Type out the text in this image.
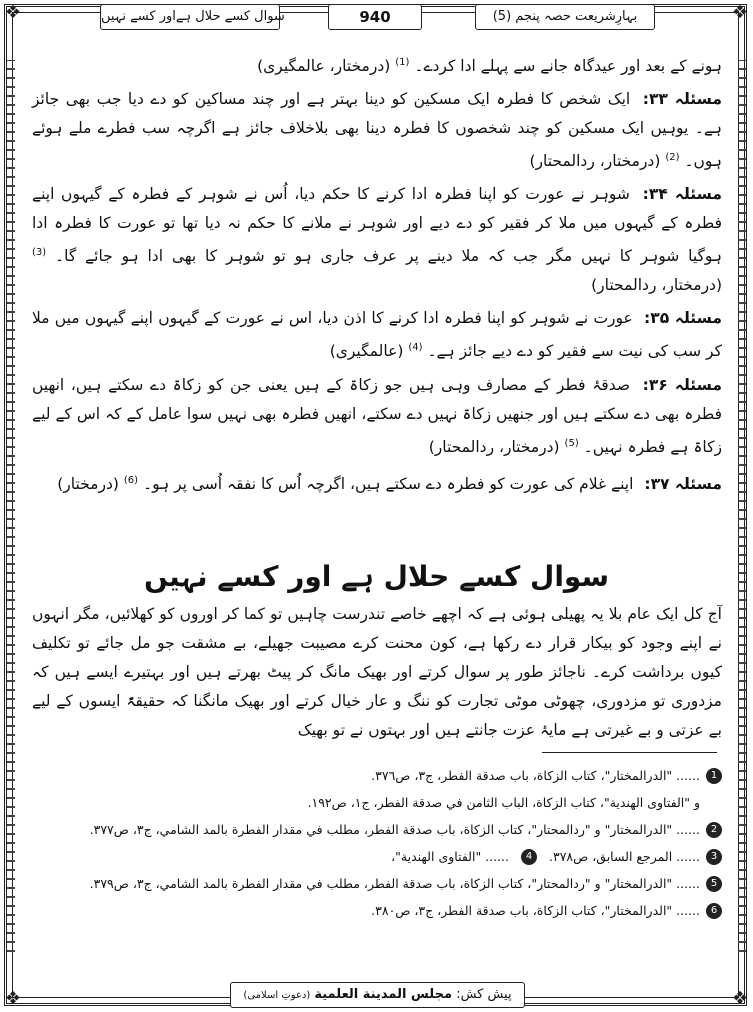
❖	❖
❖	❖
سوال کسے حلال ہےاور کسے نہیں	940	بہارِشریعت حصہ پنجم (5)

ہونے کے بعد اور عیدگاہ جانے سے پہلے ادا کردے۔ $^{(1)}$ (درمختار، عالمگیری)

مسئلہ ۳۳: ایک شخص کا فطرہ ایک مسکین کو دینا بہتر ہے اور چند مساکین کو دے دیا جب بھی جائز ہے۔ یوہیں ایک مسکین کو چند شخصوں کا فطرہ دینا بھی بلاخلاف جائز ہے اگرچہ سب فطرے ملے ہوئے ہوں۔ $^{(2)}$ (درمختار، ردالمحتار)

مسئلہ ۳۴: شوہر نے عورت کو اپنا فطرہ ادا کرنے کا حکم دیا، اُس نے شوہر کے فطرہ کے گیہوں اپنے فطرہ کے گیہوں میں ملا کر فقیر کو دے دیے اور شوہر نے ملانے کا حکم نہ دیا تھا تو عورت کا فطرہ ادا ہوگیا شوہر کا نہیں مگر جب کہ ملا دینے پر عرف جاری ہو تو شوہر کا بھی ادا ہو جائے گا۔ $^{(3)}$ (درمختار، ردالمحتار)

مسئلہ ۳۵: عورت نے شوہر کو اپنا فطرہ ادا کرنے کا اذن دیا، اس نے عورت کے گیہوں اپنے گیہوں میں ملا کر سب کی نیت سے فقیر کو دے دیے جائز ہے۔ $^{(4)}$ (عالمگیری)

مسئلہ ۳۶: صدقۂ فطر کے مصارف وہی ہیں جو زکاۃ کے ہیں یعنی جن کو زکاۃ دے سکتے ہیں، انھیں فطرہ بھی دے سکتے ہیں اور جنھیں زکاۃ نہیں دے سکتے، انھیں فطرہ بھی نہیں سوا عامل کے کہ اس کے لیے زکاۃ ہے فطرہ نہیں۔ $^{(5)}$ (درمختار، ردالمحتار)

مسئلہ ۳۷: اپنے غلام کی عورت کو فطرہ دے سکتے ہیں، اگرچہ اُس کا نفقہ اُسی پر ہو۔ $^{(6)}$ (درمختار)

سوال کسے حلال ہے اور کسے نہیں
آج کل ایک عام بلا یہ پھیلی ہوئی ہے کہ اچھے خاصے تندرست چاہیں تو کما کر اوروں کو کھلائیں، مگر انہوں نے اپنے وجود کو بیکار قرار دے رکھا ہے، کون محنت کرے مصیبت جھیلے، بے مشقت جو مل جائے تو تکلیف کیوں برداشت کرے۔ ناجائز طور پر سوال کرتے اور بھیک مانگ کر پیٹ بھرتے ہیں اور بہتیرے ایسے ہیں کہ مزدوری تو مزدوری، چھوٹی موٹی تجارت کو ننگ و عار خیال کرتے اور بھیک مانگنا کہ حقیقۃً ایسوں کے لیے بے عزتی و بے غیرتی ہے مایۂ عزت جانتے ہیں اور بہتوں نے تو بھیک
1
...... "الدرالمختار"، كتاب الزكاة، باب صدقة الفطر، ج٣، ص٣٧٦.
و "الفتاوى الهندية"، كتاب الزكاة، الباب الثامن في صدقة الفطر، ج١، ص١٩٢.
2
...... "الدرالمختار" و "ردالمحتار"، كتاب الزكاة، باب صدقة الفطر، مطلب في مقدار الفطرة بالمد الشامي، ج٣، ص٣٧٧.
3
...... المرجع السابق، ص٣٧٨.
4
...... "الفتاوى الهندية"،
5
...... "الدرالمختار" و "ردالمحتار"، كتاب الزكاة، باب صدقة الفطر، مطلب في مقدار الفطرة بالمد الشامي، ج٣، ص٣٧٩.
6
...... "الدرالمختار"، كتاب الزكاة، باب صدقة الفطر، ج٣، ص٣٨٠.
پیش کش: مجلس المدینة العلمیة (دعوتِ اسلامی)
